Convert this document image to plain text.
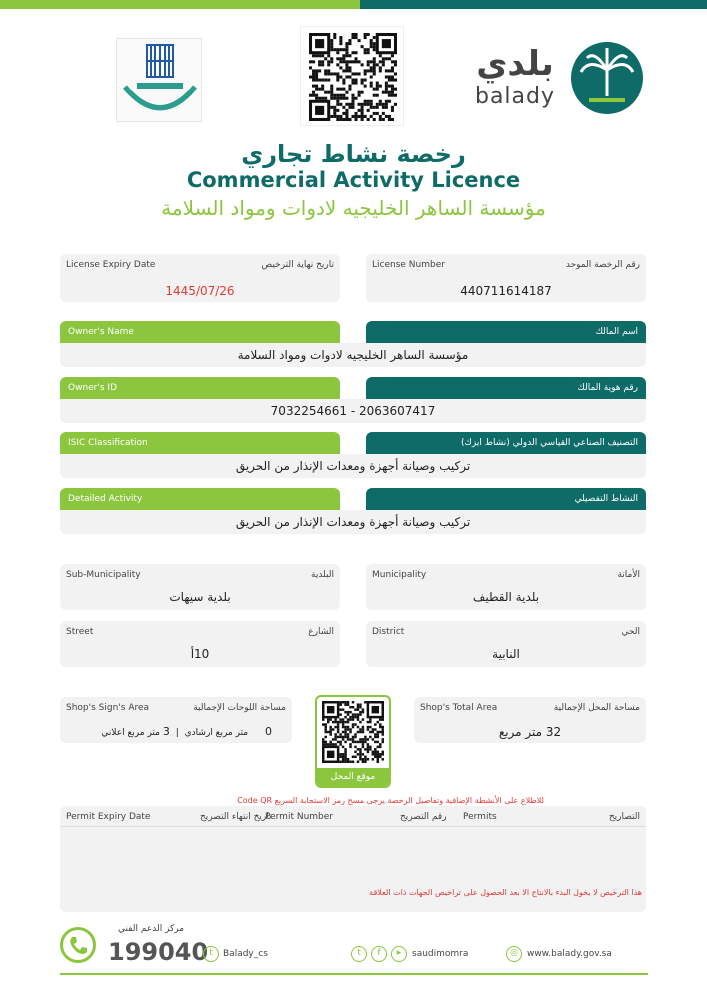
بلدي
balady
رخصة نشاط تجاري
Commercial Activity Licence
مؤسسة الساهر الخليجيه لادوات ومواد السلامة
License Expiry Date	تاريخ نهاية الترخيص
1445/07/26
License Number	رقم الرخصة الموحد
440711614187
Owner's Name	اسم المالك
مؤسسة الساهر الخليجيه لادوات ومواد السلامة
Owner's ID	رقم هوية المالك
7032254661 - 2063607417
ISIC Classification	التصنيف الصناعي القياسي الدولي (نشاط ايزك)
تركيب وصيانة أجهزة ومعدات الإنذار من الحريق
Detailed Activity	النشاط التفصيلي
تركيب وصيانة أجهزة ومعدات الإنذار من الحريق
Sub-Municipality	البلدية
بلدية سيهات
Municipality	الأمانة
بلدية القطيف
Street	الشارع
10أ
District	الحي
النابية
Shop's Sign's Area	مساحة اللوحات الإجمالية
0 متر مربع ارشادي | 3 متر مربع اعلاني
موقع المحل
Shop's Total Area	مساحة المحل الإجمالية
32 متر مربع
للاطلاع على الأنشطة الإضافية وتفاصيل الرخصة يرجى مسح رمز الاستجابة السريع Code QR
Permit Expiry Date	تاريخ انتهاء التصريح
Permit Number	رقم التصريح Permits	التصاريح
هذا الترخيص لا يخول البدء بالانتاج الا بعد الحصول على تراخيص الجهات ذات العلاقة
مركز الدعم الفني
199040 t	Balady_cs	t	f	▸	saudimomra	◎	www.balady.gov.sa
